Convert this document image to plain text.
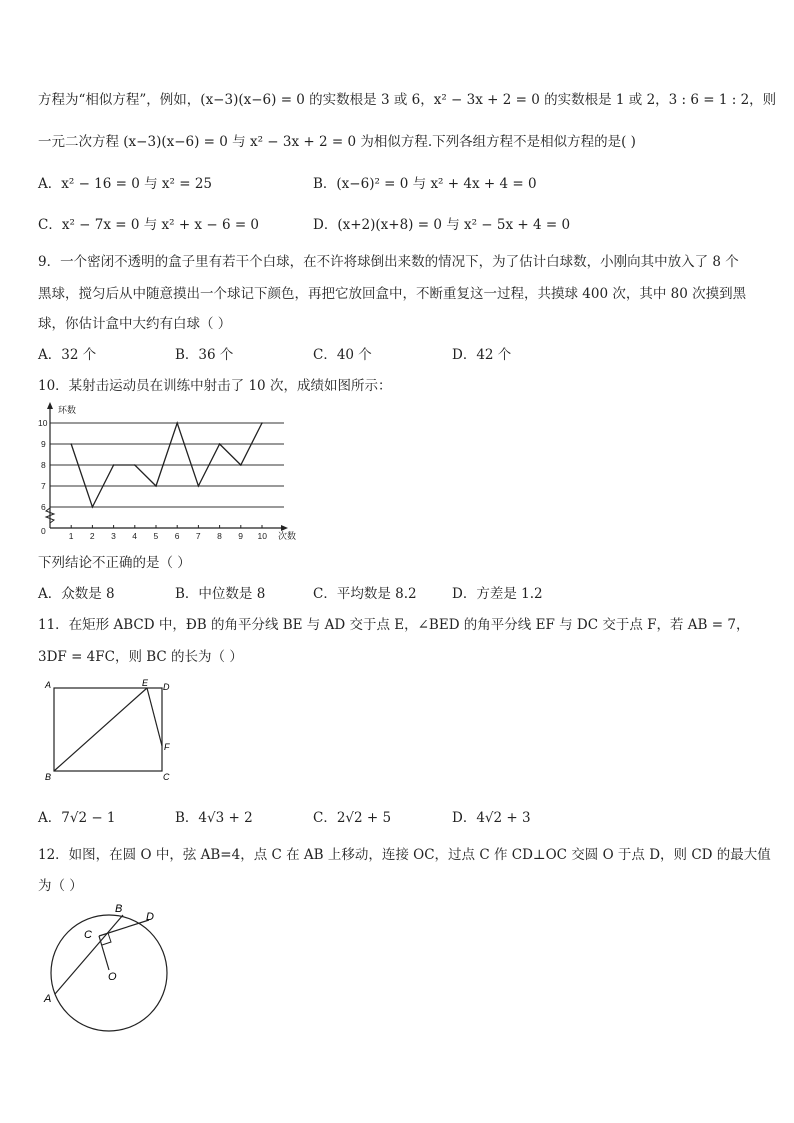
方程为“相似方程”，例如，(x−3)(x−6) = 0 的实数根是 3 或 6，x² − 3x + 2 = 0 的实数根是 1 或 2，3 : 6 = 1 : 2，则
一元二次方程 (x−3)(x−6) = 0 与 x² − 3x + 2 = 0 为相似方程.下列各组方程不是相似方程的是( )
A．x² − 16 = 0 与 x² = 25	B．(x−6)² = 0 与 x² + 4x + 4 = 0
C．x² − 7x = 0 与 x² + x − 6 = 0	D．(x+2)(x+8) = 0 与 x² − 5x + 4 = 0
9．一个密闭不透明的盒子里有若干个白球，在不许将球倒出来数的情况下，为了估计白球数，小刚向其中放入了 8 个
黑球，搅匀后从中随意摸出一个球记下颜色，再把它放回盒中，不断重复这一过程，共摸球 400 次，其中 80 次摸到黑
球，你估计盒中大约有白球（ ）
A．32 个	B．36 个	C．40 个	D．42 个
10．某射击运动员在训练中射击了 10 次，成绩如图所示：
0
6
7
8
9
10
1 2 3 4 5 6 7 8 9 10
环数
次数
下列结论不正确的是（ ）
A．众数是 8	B．中位数是 8	C．平均数是 8.2	D．方差是 1.2
11．在矩形 ABCD 中，ÐB 的角平分线 BE 与 AD 交于点 E，∠BED 的角平分线 EF 与 DC 交于点 F，若 AB = 7，
3DF = 4FC，则 BC 的长为（ ）
A	E D
F
B	C
A．7√2 − 1	B．4√3 + 2	C．2√2 + 5	D．4√2 + 3
12．如图，在圆 O 中，弦 AB=4，点 C 在 AB 上移动，连接 OC，过点 C 作 CD⊥OC 交圆 O 于点 D，则 CD 的最大值
为（ ）
A
B
C
D
O
